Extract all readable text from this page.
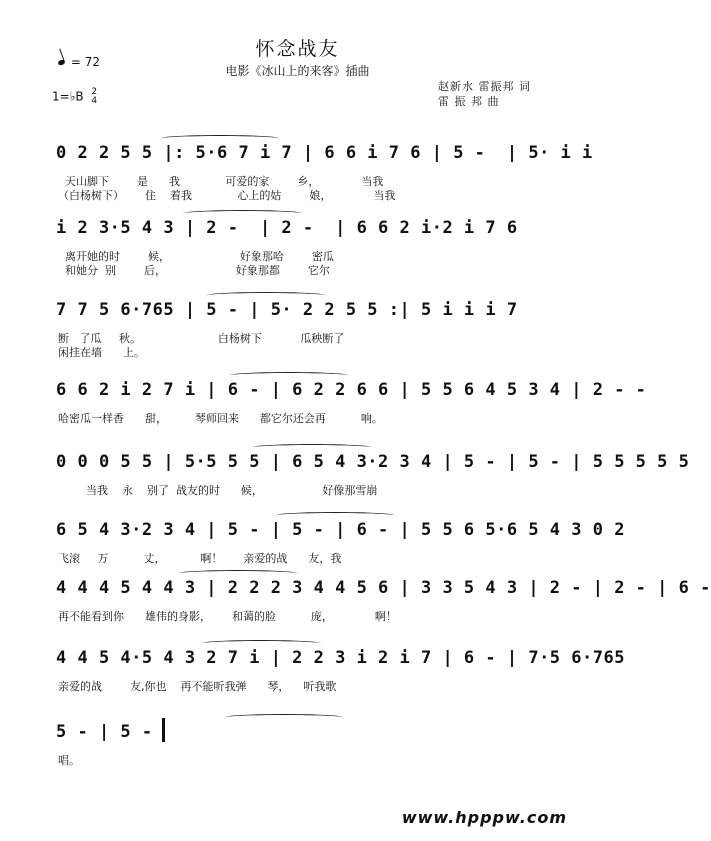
怀念战友
电影《冰山上的来客》插曲
= 72
1=♭B 2
4
赵新水 雷振邦 词
雷 振 邦 曲
0 2 2 5 5 |: 5·6 7 i 7 | 6 6 i 7 6 | 5 -  | 5· i i
天山脚下        是      我             可爱的家        乡，            当我
（白杨树下）      住    着我             心上的姑        娘，            当我
i 2 3·5 4 3 | 2 -  | 2 -  | 6 6 2 i·2 i 7 6
离开她的时        候，                    好象那哈        密瓜
和她分  别        后，                    好象那都        它尔
7 7 5 6·765 | 5 - | 5· 2 2 5 5 :| 5 i i i 7
断   了瓜     秋。                      白杨树下           瓜秧断了
闲挂在墙      上。
6 6 2 i 2 7 i | 6 - | 6 2 2 6 6 | 5 5 6 4 5 3 4 | 2 - -
哈密瓜一样香      甜，        琴师回来      都它尔还会再          响。
0 0 0 5 5 | 5·5 5 5 | 6 5 4 3·2 3 4 | 5 - | 5 - | 5 5 5 5 5
当我    永    别了  战友的时      候，                 好像那雪崩
6 5 4 3·2 3 4 | 5 - | 5 - | 6 - | 5 5 6 5·6 5 4 3 0 2
飞滚     万          丈，          啊！      亲爱的战      友，我
4 4 4 5 4 4 3 | 2 2 2 3 4 4 5 6 | 3 3 5 4 3 | 2 - | 2 - | 6 -
再不能看到你      雄伟的身影，      和蔼的脸          庞，            啊！
4 4 5 4·5 4 3 2 7 i | 2 2 3 i 2 i 7 | 6 - | 7·5 6·765
亲爱的战        友,你也    再不能听我弹      琴，    听我歌
5 - | 5 -
唱。
www.hpppw.com
